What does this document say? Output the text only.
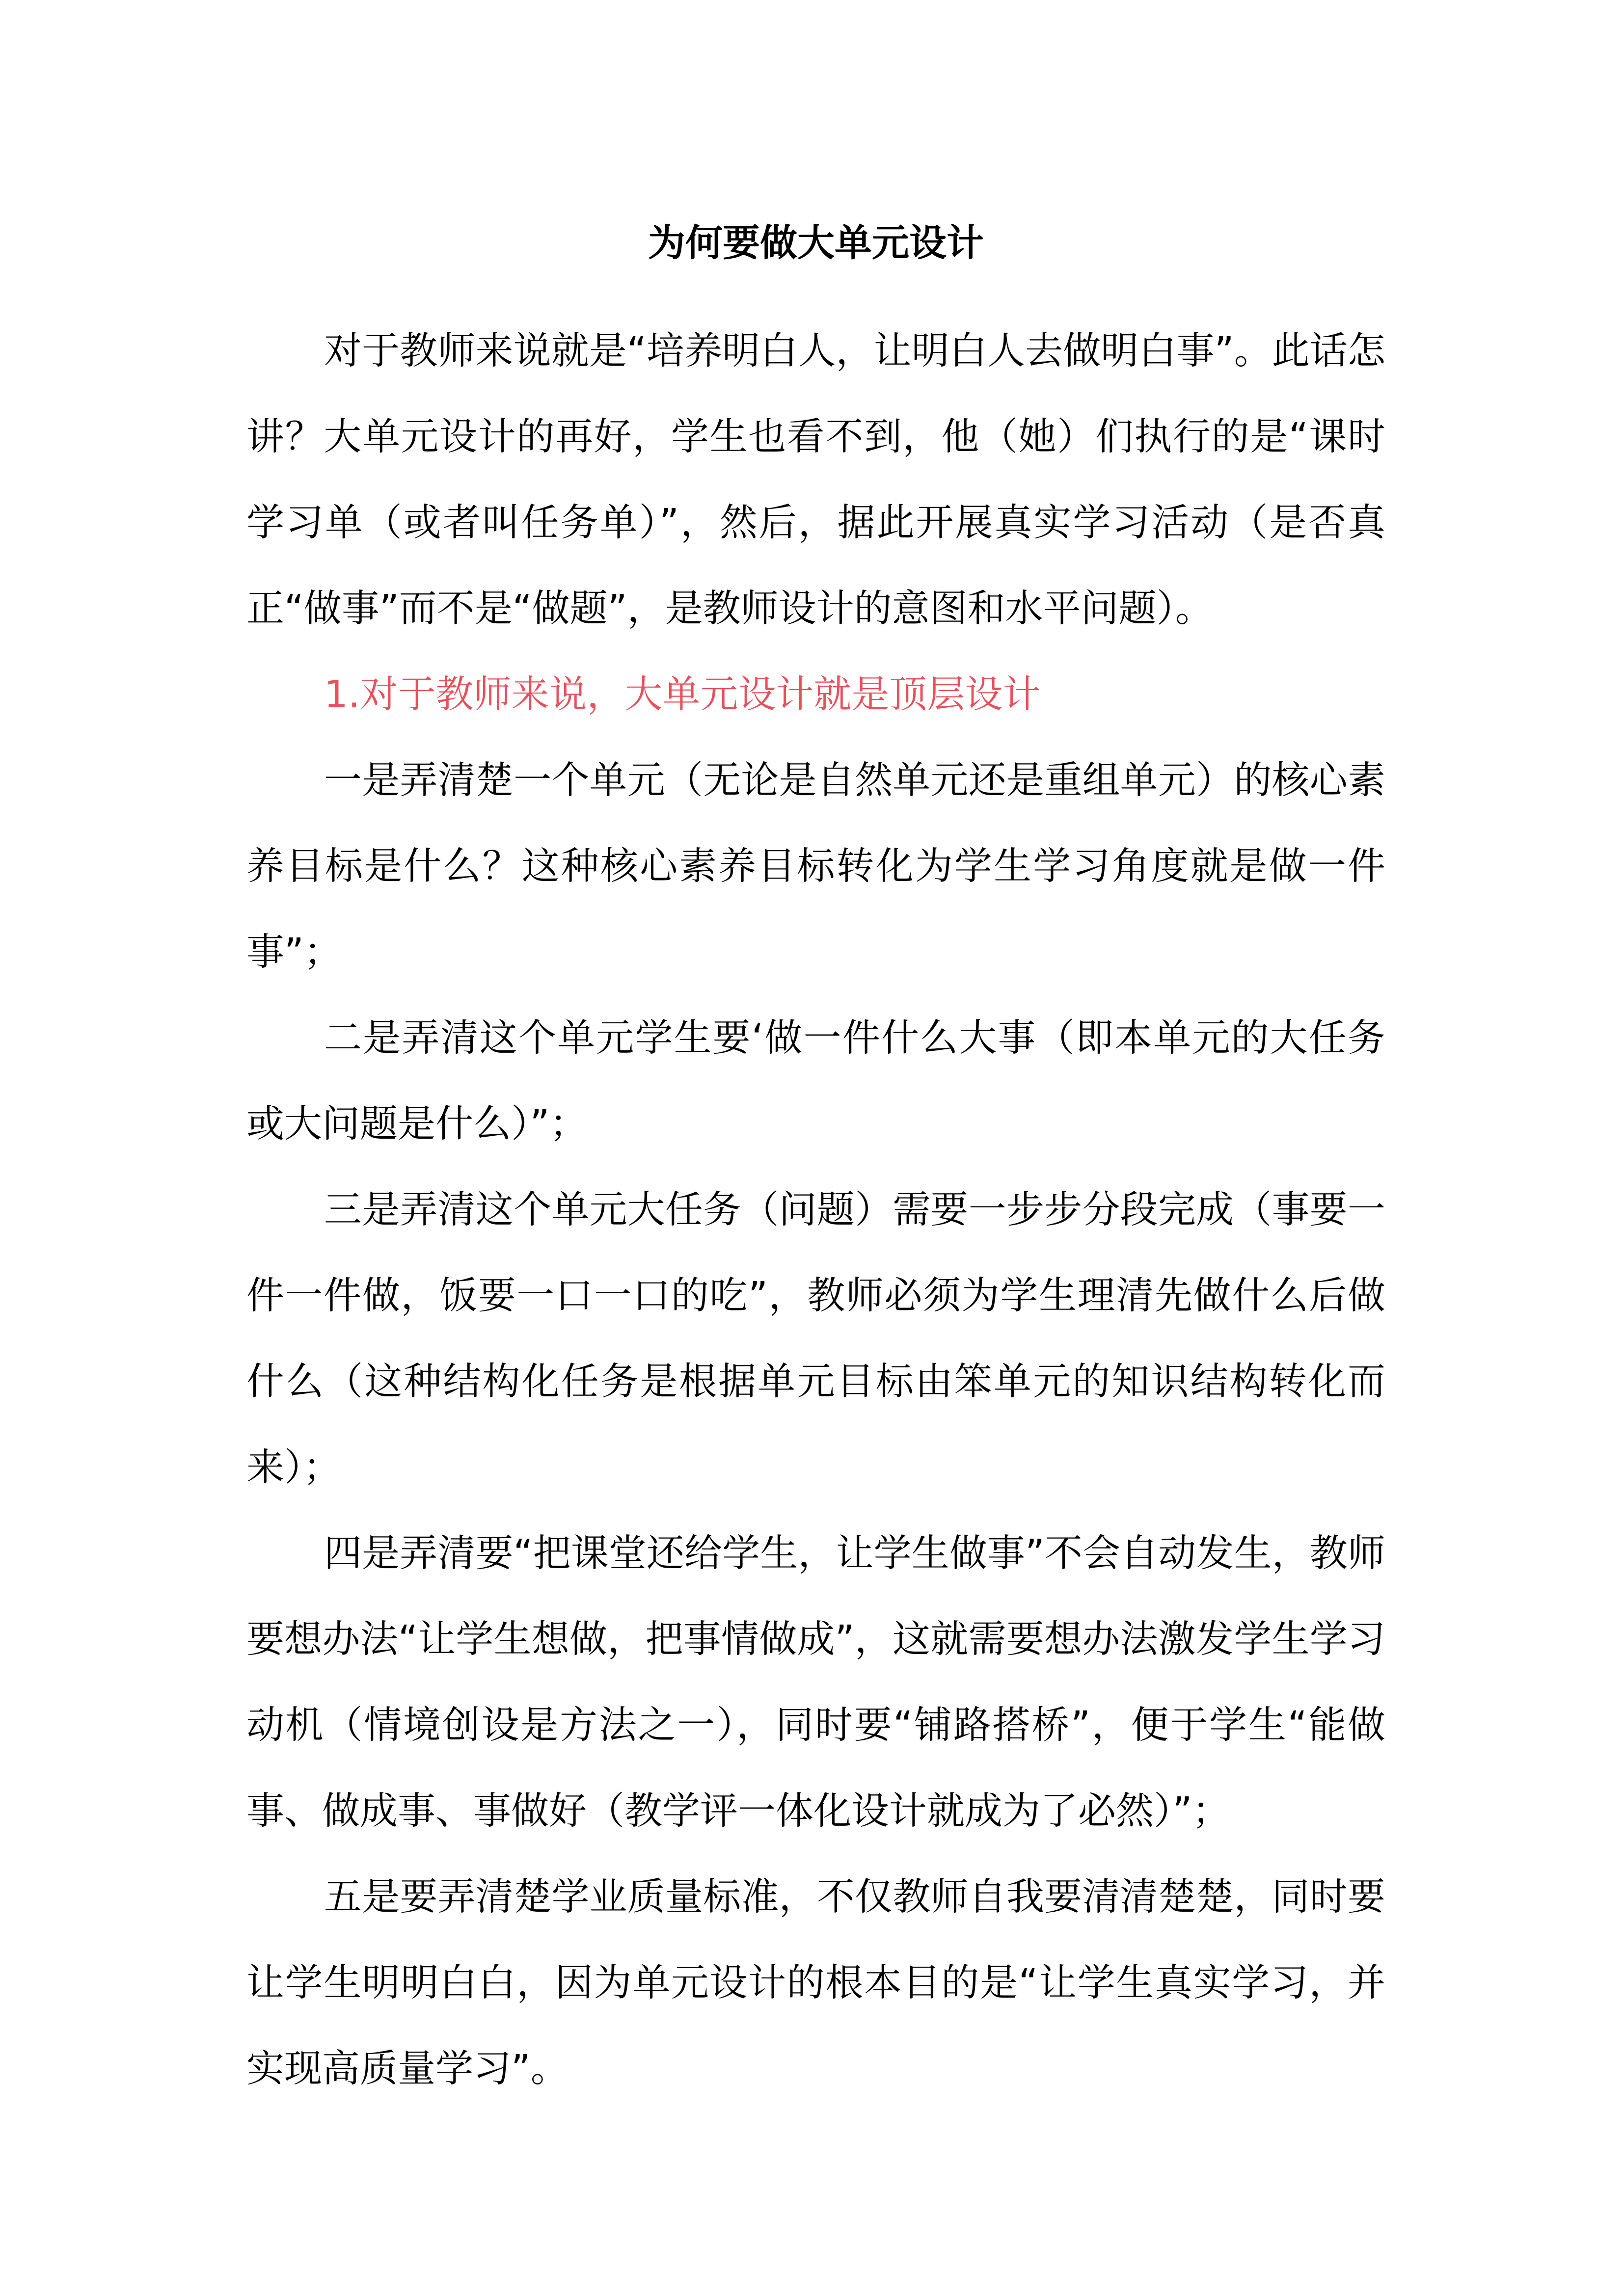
为何要做大单元设计

对于教师来说就是“培养明白人，让明白人去做明白事”。此话怎讲？大单元设计的再好，学生也看不到，他（她）们执行的是“课时学习单（或者叫任务单）”，然后，据此开展真实学习活动（是否真正“做事”而不是“做题”，是教师设计的意图和水平问题）。

1.对于教师来说，大单元设计就是顶层设计

一是弄清楚一个单元（无论是自然单元还是重组单元）的核心素养目标是什么？这种核心素养目标转化为学生学习角度就是做一件事”；

二是弄清这个单元学生要‘做一件什么大事（即本单元的大任务或大问题是什么）”；

三是弄清这个单元大任务（问题）需要一步步分段完成（事要一件一件做，饭要一口一口的吃”，教师必须为学生理清先做什么后做什么（这种结构化任务是根据单元目标由笨单元的知识结构转化而来）；

四是弄清要“把课堂还给学生，让学生做事”不会自动发生，教师要想办法“让学生想做，把事情做成”，这就需要想办法激发学生学习动机（情境创设是方法之一），同时要“铺路搭桥”，便于学生“能做事、做成事、事做好（教学评一体化设计就成为了必然）”；

五是要弄清楚学业质量标准，不仅教师自我要清清楚楚，同时要让学生明明白白，因为单元设计的根本目的是“让学生真实学习，并实现高质量学习”。
